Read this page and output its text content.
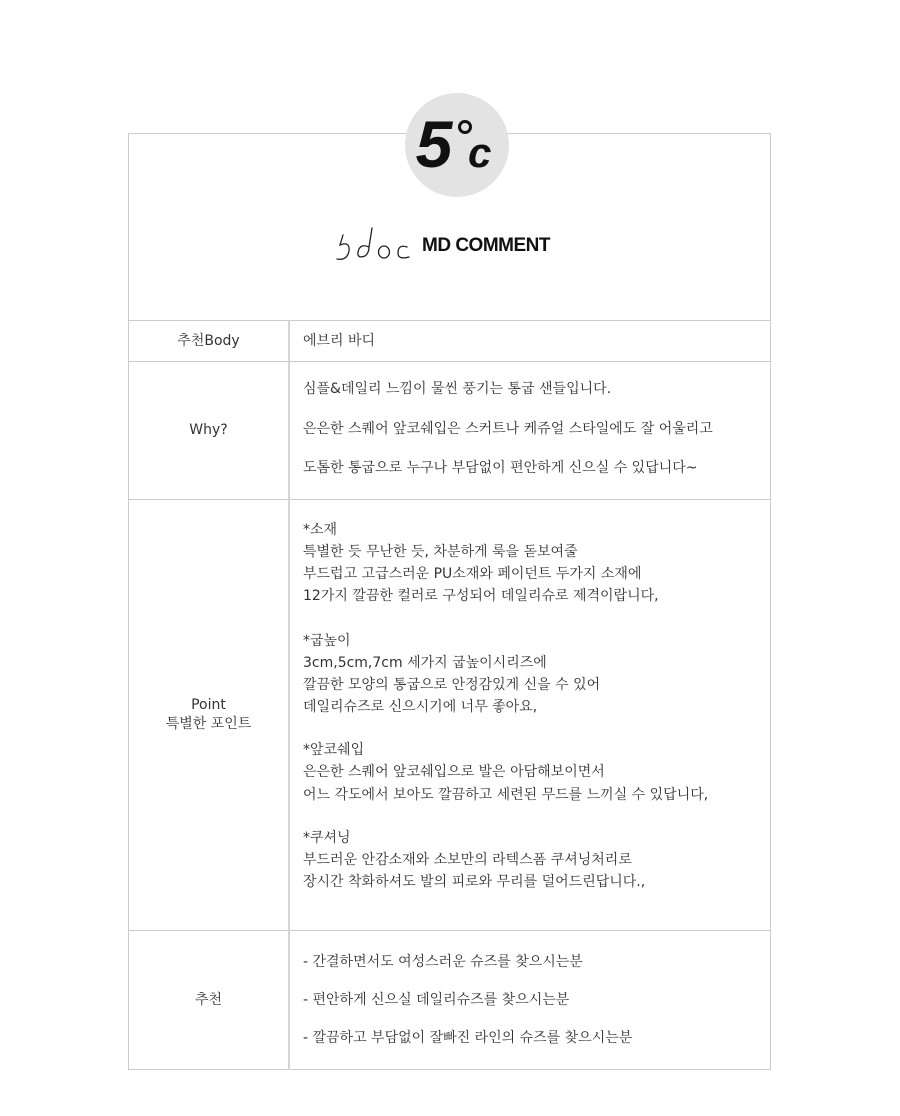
5 c
MD COMMENT
추천Body	에브리 바디
Why?
심플&데일리 느낌이 물씬 풍기는 통굽 샌들입니다.
은은한 스퀘어 앞코쉐입은 스커트나 케쥬얼 스타일에도 잘 어울리고
도톰한 통굽으로 누구나 부담없이 편안하게 신으실 수 있답니다~
Point
특별한 포인트
*소재
특별한 듯 무난한 듯, 차분하게 룩을 돋보여줄
부드럽고 고급스러운 PU소재와 페이던트 두가지 소재에
12가지 깔끔한 컬러로 구성되어 데일리슈로 제격이랍니다,
*굽높이
3cm,5cm,7cm 세가지 굽높이시리즈에
깔끔한 모양의 통굽으로 안정감있게 신을 수 있어
데일리슈즈로 신으시기에 너무 좋아요,
*앞코쉐입
은은한 스퀘어 앞코쉐입으로 발은 아담해보이면서
어느 각도에서 보아도 깔끔하고 세련된 무드를 느끼실 수 있답니다,
*쿠셔닝
부드러운 안감소재와 소보만의 라텍스폼 쿠셔닝처리로
장시간 착화하셔도 발의 피로와 무리를 덜어드린답니다.,
추천
- 간결하면서도 여성스러운 슈즈를 찾으시는분
- 편안하게 신으실 데일리슈즈를 찾으시는분
- 깔끔하고 부담없이 잘빠진 라인의 슈즈를 찾으시는분
